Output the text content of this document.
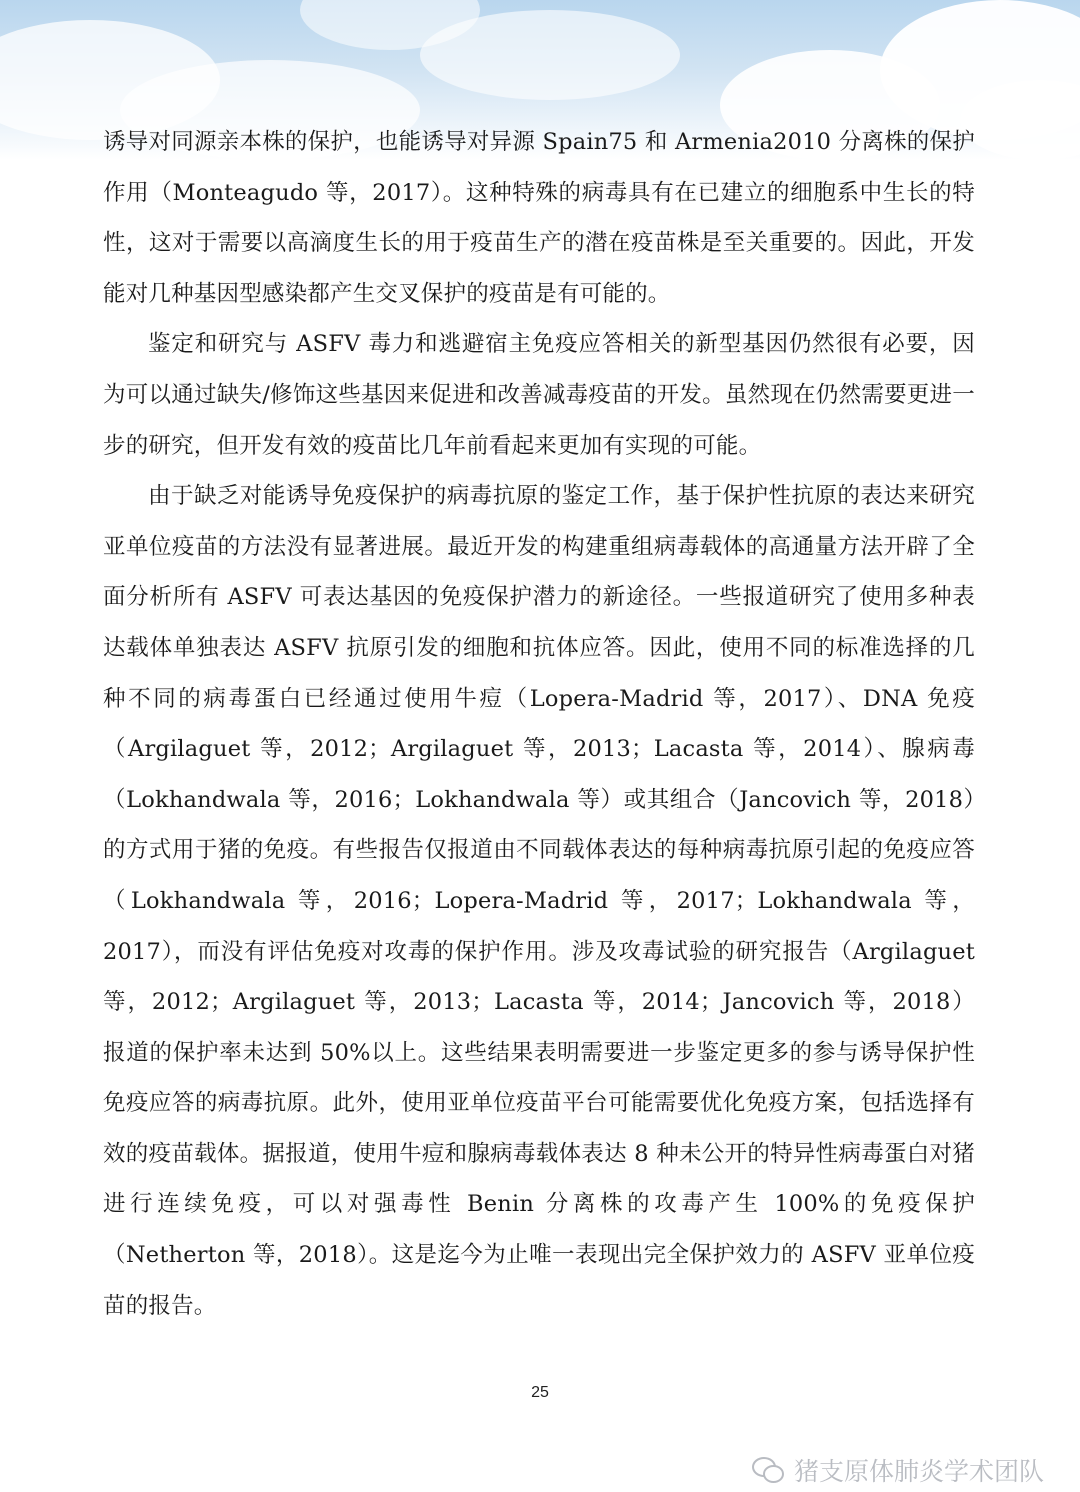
诱导对同源亲本株的保护，也能诱导对异源 Spain75 和 Armenia2010 分离株的保护作用（Monteagudo 等，2017）。这种特殊的病毒具有在已建立的细胞系中生长的特性，这对于需要以高滴度生长的用于疫苗生产的潜在疫苗株是至关重要的。因此，开发能对几种基因型感染都产生交叉保护的疫苗是有可能的。

鉴定和研究与 ASFV 毒力和逃避宿主免疫应答相关的新型基因仍然很有必要，因为可以通过缺失/修饰这些基因来促进和改善减毒疫苗的开发。虽然现在仍然需要更进一步的研究，但开发有效的疫苗比几年前看起来更加有实现的可能。

由于缺乏对能诱导免疫保护的病毒抗原的鉴定工作，基于保护性抗原的表达来研究亚单位疫苗的方法没有显著进展。最近开发的构建重组病毒载体的高通量方法开辟了全面分析所有 ASFV 可表达基因的免疫保护潜力的新途径。一些报道研究了使用多种表达载体单独表达 ASFV 抗原引发的细胞和抗体应答。因此，使用不同的标准选择的几种不同的病毒蛋白已经通过使用牛痘（Lopera-Madrid 等，2017）、DNA 免疫（Argilaguet 等，2012；Argilaguet 等，2013；Lacasta 等，2014）、腺病毒（Lokhandwala 等，2016；Lokhandwala 等）或其组合（Jancovich 等，2018）的方式用于猪的免疫。有些报告仅报道由不同载体表达的每种病毒抗原引起的免疫应答（Lokhandwala 等，2016；Lopera-Madrid 等，2017；Lokhandwala 等，2017），而没有评估免疫对攻毒的保护作用。涉及攻毒试验的研究报告（Argilaguet 等，2012；Argilaguet 等，2013；Lacasta 等，2014；Jancovich 等，2018）报道的保护率未达到 50%以上。这些结果表明需要进一步鉴定更多的参与诱导保护性免疫应答的病毒抗原。此外，使用亚单位疫苗平台可能需要优化免疫方案，包括选择有效的疫苗载体。据报道，使用牛痘和腺病毒载体表达 8 种未公开的特异性病毒蛋白对猪进行连续免疫，可以对强毒性 Benin 分离株的攻毒产生 100%的免疫保护（Netherton 等，2018）。这是迄今为止唯一表现出完全保护效力的 ASFV 亚单位疫苗的报告。

25
猪支原体肺炎学术团队
